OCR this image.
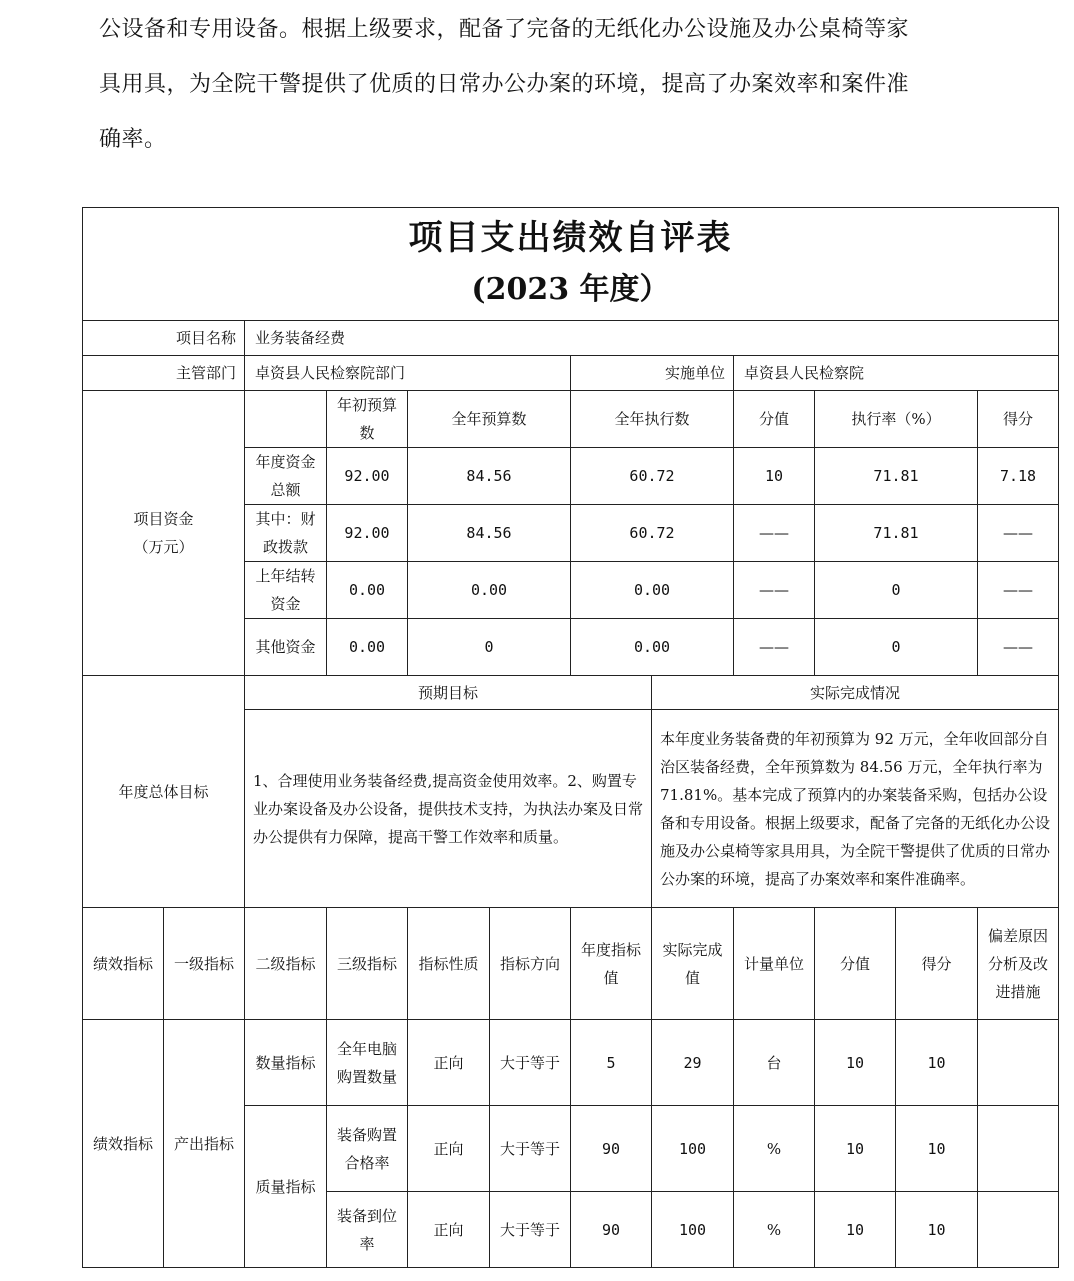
公设备和专用设备。根据上级要求，配备了完备的无纸化办公设施及办公桌椅等家

具用具，为全院干警提供了优质的日常办公办案的环境，提高了办案效率和案件准

确率。

项目支出绩效自评表
(2023 年度）											

项目名称		业务装备经费									
主管部门		卓资县人民检察院部门				实施单位		卓资县人民检察院			

项目资金
（万元）			年初预算数	全年预算数		全年执行数		分值	执行率（%）		得分
		年度资金总额	92.00	84.56		60.72		10	71.81		7.18
		其中：财政拨款	92.00	84.56		60.72		——	71.81		——
		上年结转资金	0.00	0.00		0.00		——	0		——
		其他资金	0.00	0		0.00		——	0		——
年度总体目标		预期目标					实际完成情况				
		1、合理使用业务装备经费,提高资金使用效率。2、购置专业办案设备及办公设备，提供技术支持，为执法办案及日常办公提供有力保障，提高干警工作效率和质量。					本年度业务装备费的年初预算为 92 万元，全年收回部分自治区装备经费，全年预算数为 84.56 万元，全年执行率为 71.81%。基本完成了预算内的办案装备采购，包括办公设备和专用设备。根据上级要求，配备了完备的无纸化办公设施及办公桌椅等家具用具，为全院干警提供了优质的日常办公办案的环境，提高了办案效率和案件准确率。				
绩效指标	一级指标	二级指标	三级指标	指标性质	指标方向	年度指标值	实际完成值	计量单位	分值	得分	偏差原因分析及改进措施
绩效指标	产出指标	数量指标	全年电脑购置数量	正向	大于等于	5	29	台	10	10	
		质量指标	装备购置合格率	正向	大于等于	90	100	%	10	10	
			装备到位率	正向	大于等于	90	100	%	10	10	
